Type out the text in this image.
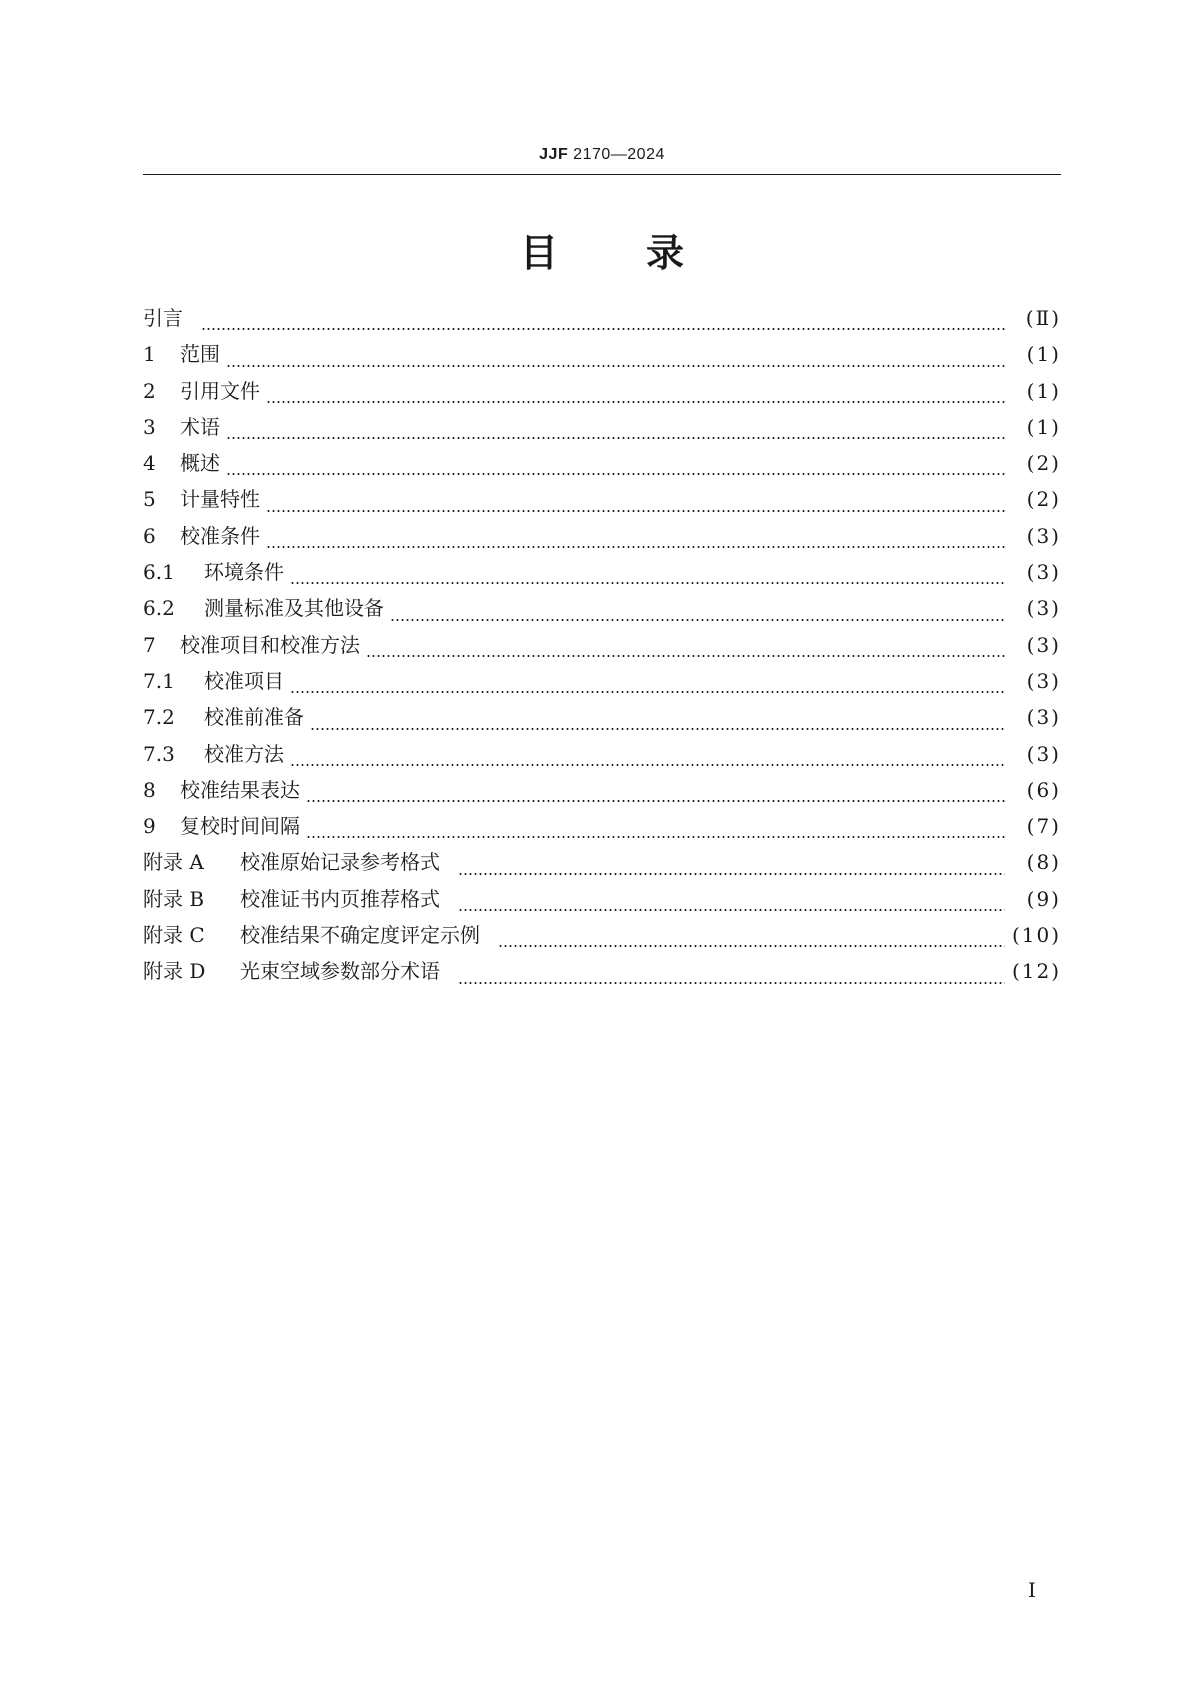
JJF 2170—2024
目 录
引言	(Ⅱ)
1	范围	(1)
2	引用文件	(1)
3	术语	(1)
4	概述	(2)
5	计量特性	(2)
6	校准条件	(3)
6.1	环境条件	(3)
6.2	测量标准及其他设备	(3)
7	校准项目和校准方法	(3)
7.1	校准项目	(3)
7.2	校准前准备	(3)
7.3	校准方法	(3)
8	校准结果表达	(6)
9	复校时间间隔	(7)
附录 A	校准原始记录参考格式	(8)
附录 B	校准证书内页推荐格式	(9)
附录 C	校准结果不确定度评定示例	(10)
附录 D	光束空域参数部分术语	(12)
Ⅰ
